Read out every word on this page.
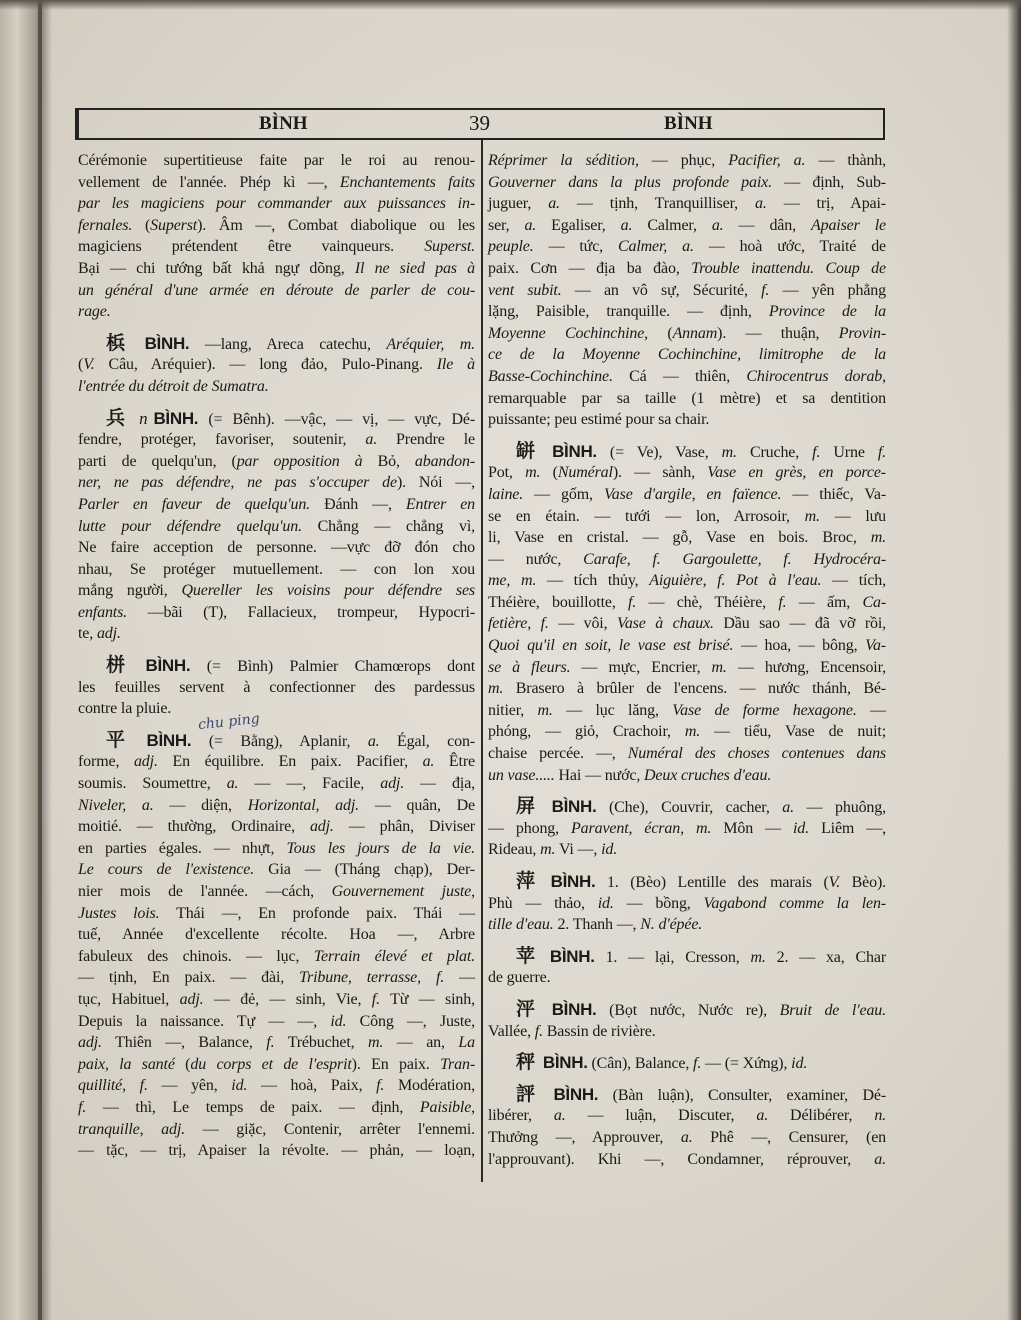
BÌNH	39	BÌNH
Cérémonie supertitieuse faite par le roi au renou-
vellement de l'année. Phép kì —, Enchantements faits
par les magiciens pour commander aux puissances in-
fernales. (Superst). Âm —, Combat diabolique ou les
magiciens prétendent être vainqueurs. Superst.
Bại — chi tướng bất khả ngự dõng, Il ne sied pas à
un général d'une armée en déroute de parler de cou-
rage.
梹 BÌNH. —lang, Areca catechu, Aréquier, m.
(V. Câu, Aréquier). — long đảo, Pulo-Pinang. Ile à
l'entrée du détroit de Sumatra.
兵 n BÌNH. (= Bênh). —vậc, — vị, — vực, Dé-
fendre, protéger, favoriser, soutenir, a. Prendre le
parti de quelqu'un, (par opposition à Bỏ, abandon-
ner, ne pas défendre, ne pas s'occuper de). Nói —,
Parler en faveur de quelqu'un. Đánh —, Entrer en
lutte pour défendre quelqu'un. Chẳng — chẳng vì,
Ne faire acception de personne. —vực đỡ đón cho
nhau, Se protéger mutuellement. — con lon xou
mắng người, Quereller les voisins pour défendre ses
enfants. —bãi (T), Fallacieux, trompeur, Hypocri-
te, adj.
栟 BÌNH. (= Bình) Palmier Chamœrops dont
les feuilles servent à confectionner des pardessus
contre la pluie.
平 BÌNH. (= Bằng), Aplanir, a. Égal, con-
forme, adj. En équilibre. En paix. Pacifier, a. Être
soumis. Soumettre, a. — —, Facile, adj. — địa,
Niveler, a. — diện, Horizontal, adj. — quân, De
moitié. — thường, Ordinaire, adj. — phân, Diviser
en parties égales. — nhựt, Tous les jours de la vie.
Le cours de l'existence. Gia — (Tháng chạp), Der-
nier mois de l'année. —cách, Gouvernement juste,
Justes lois. Thái —, En profonde paix. Thái —
tuế, Année d'excellente récolte. Hoa —, Arbre
fabuleux des chinois. — lục, Terrain élevé et plat.
— tịnh, En paix. — đài, Tribune, terrasse, f. —
tục, Habituel, adj. — đẻ, — sinh, Vie, f. Từ — sinh,
Depuis la naissance. Tự — —, id. Công —, Juste,
adj. Thiên —, Balance, f. Trébuchet, m. — an, La
paix, la santé (du corps et de l'esprit). En paix. Tran-
quillité, f. — yên, id. — hoà, Paix, f. Modération,
f. — thì, Le temps de paix. — định, Paisible,
tranquille, adj. — giặc, Contenir, arrêter l'ennemi.
— tặc, — trị, Apaiser la révolte. — phản, — loạn,
Réprimer la sédition, — phục, Pacifier, a. — thành,
Gouverner dans la plus profonde paix. — định, Sub-
juguer, a. — tịnh, Tranquilliser, a. — trị, Apai-
ser, a. Egaliser, a. Calmer, a. — dân, Apaiser le
peuple. — tức, Calmer, a. — hoà ước, Traité de
paix. Cơn — địa ba đào, Trouble inattendu. Coup de
vent subit. — an vô sự, Sécurité, f. — yên phẳng
lặng, Paisible, tranquille. — định, Province de la
Moyenne Cochinchine, (Annam). — thuận, Provin-
ce de la Moyenne Cochinchine, limitrophe de la
Basse-Cochinchine. Cá — thiên, Chirocentrus dorab,
remarquable par sa taille (1 mètre) et sa dentition
puissante; peu estimé pour sa chair.
缾 BÌNH. (= Ve), Vase, m. Cruche, f. Urne f.
Pot, m. (Numéral). — sành, Vase en grès, en porce-
laine. — gốm, Vase d'argile, en faïence. — thiếc, Va-
se en étain. — tưới — lon, Arrosoir, m. — lưu
li, Vase en cristal. — gỗ, Vase en bois. Broc, m.
— nước, Carafe, f. Gargoulette, f. Hydrocéra-
me, m. — tích thủy, Aiguière, f. Pot à l'eau. — tích,
Théière, bouillotte, f. — chè, Théière, f. — ấm, Ca-
fetière, f. — vôi, Vase à chaux. Dầu sao — đã vỡ rồi,
Quoi qu'il en soit, le vase est brisé. — hoa, — bông, Va-
se à fleurs. — mực, Encrier, m. — hương, Encensoir,
m. Brasero à brûler de l'encens. — nước thánh, Bé-
nitier, m. — lục lăng, Vase de forme hexagone. —
phóng, — giỏ, Crachoir, m. — tiểu, Vase de nuit;
chaise percée. —, Numéral des choses contenues dans
un vase..... Hai — nước, Deux cruches d'eau.
屏 BÌNH. (Che), Couvrir, cacher, a. — phuông,
— phong, Paravent, écran, m. Môn — id. Liêm —,
Rideau, m. Vi —, id.
萍 BÌNH. 1. (Bèo) Lentille des marais (V. Bèo).
Phù — thảo, id. — bồng, Vagabond comme la len-
tille d'eau. 2. Thanh —, N. d'épée.
苹 BÌNH. 1. — lại, Cresson, m. 2. — xa, Char
de guerre.
泙 BÌNH. (Bọt nước, Nước re), Bruit de l'eau.
Vallée, f. Bassin de rivière.
秤 BÌNH. (Cân), Balance, f. — (= Xứng), id.
評 BÌNH. (Bàn luận), Consulter, examiner, Dé-
libérer, a. — luận, Discuter, a. Délibérer, n.
Thưởng —, Approuver, a. Phê —, Censurer, (en
l'approuvant). Khi —, Condamner, réprouver, a.
chu ping
